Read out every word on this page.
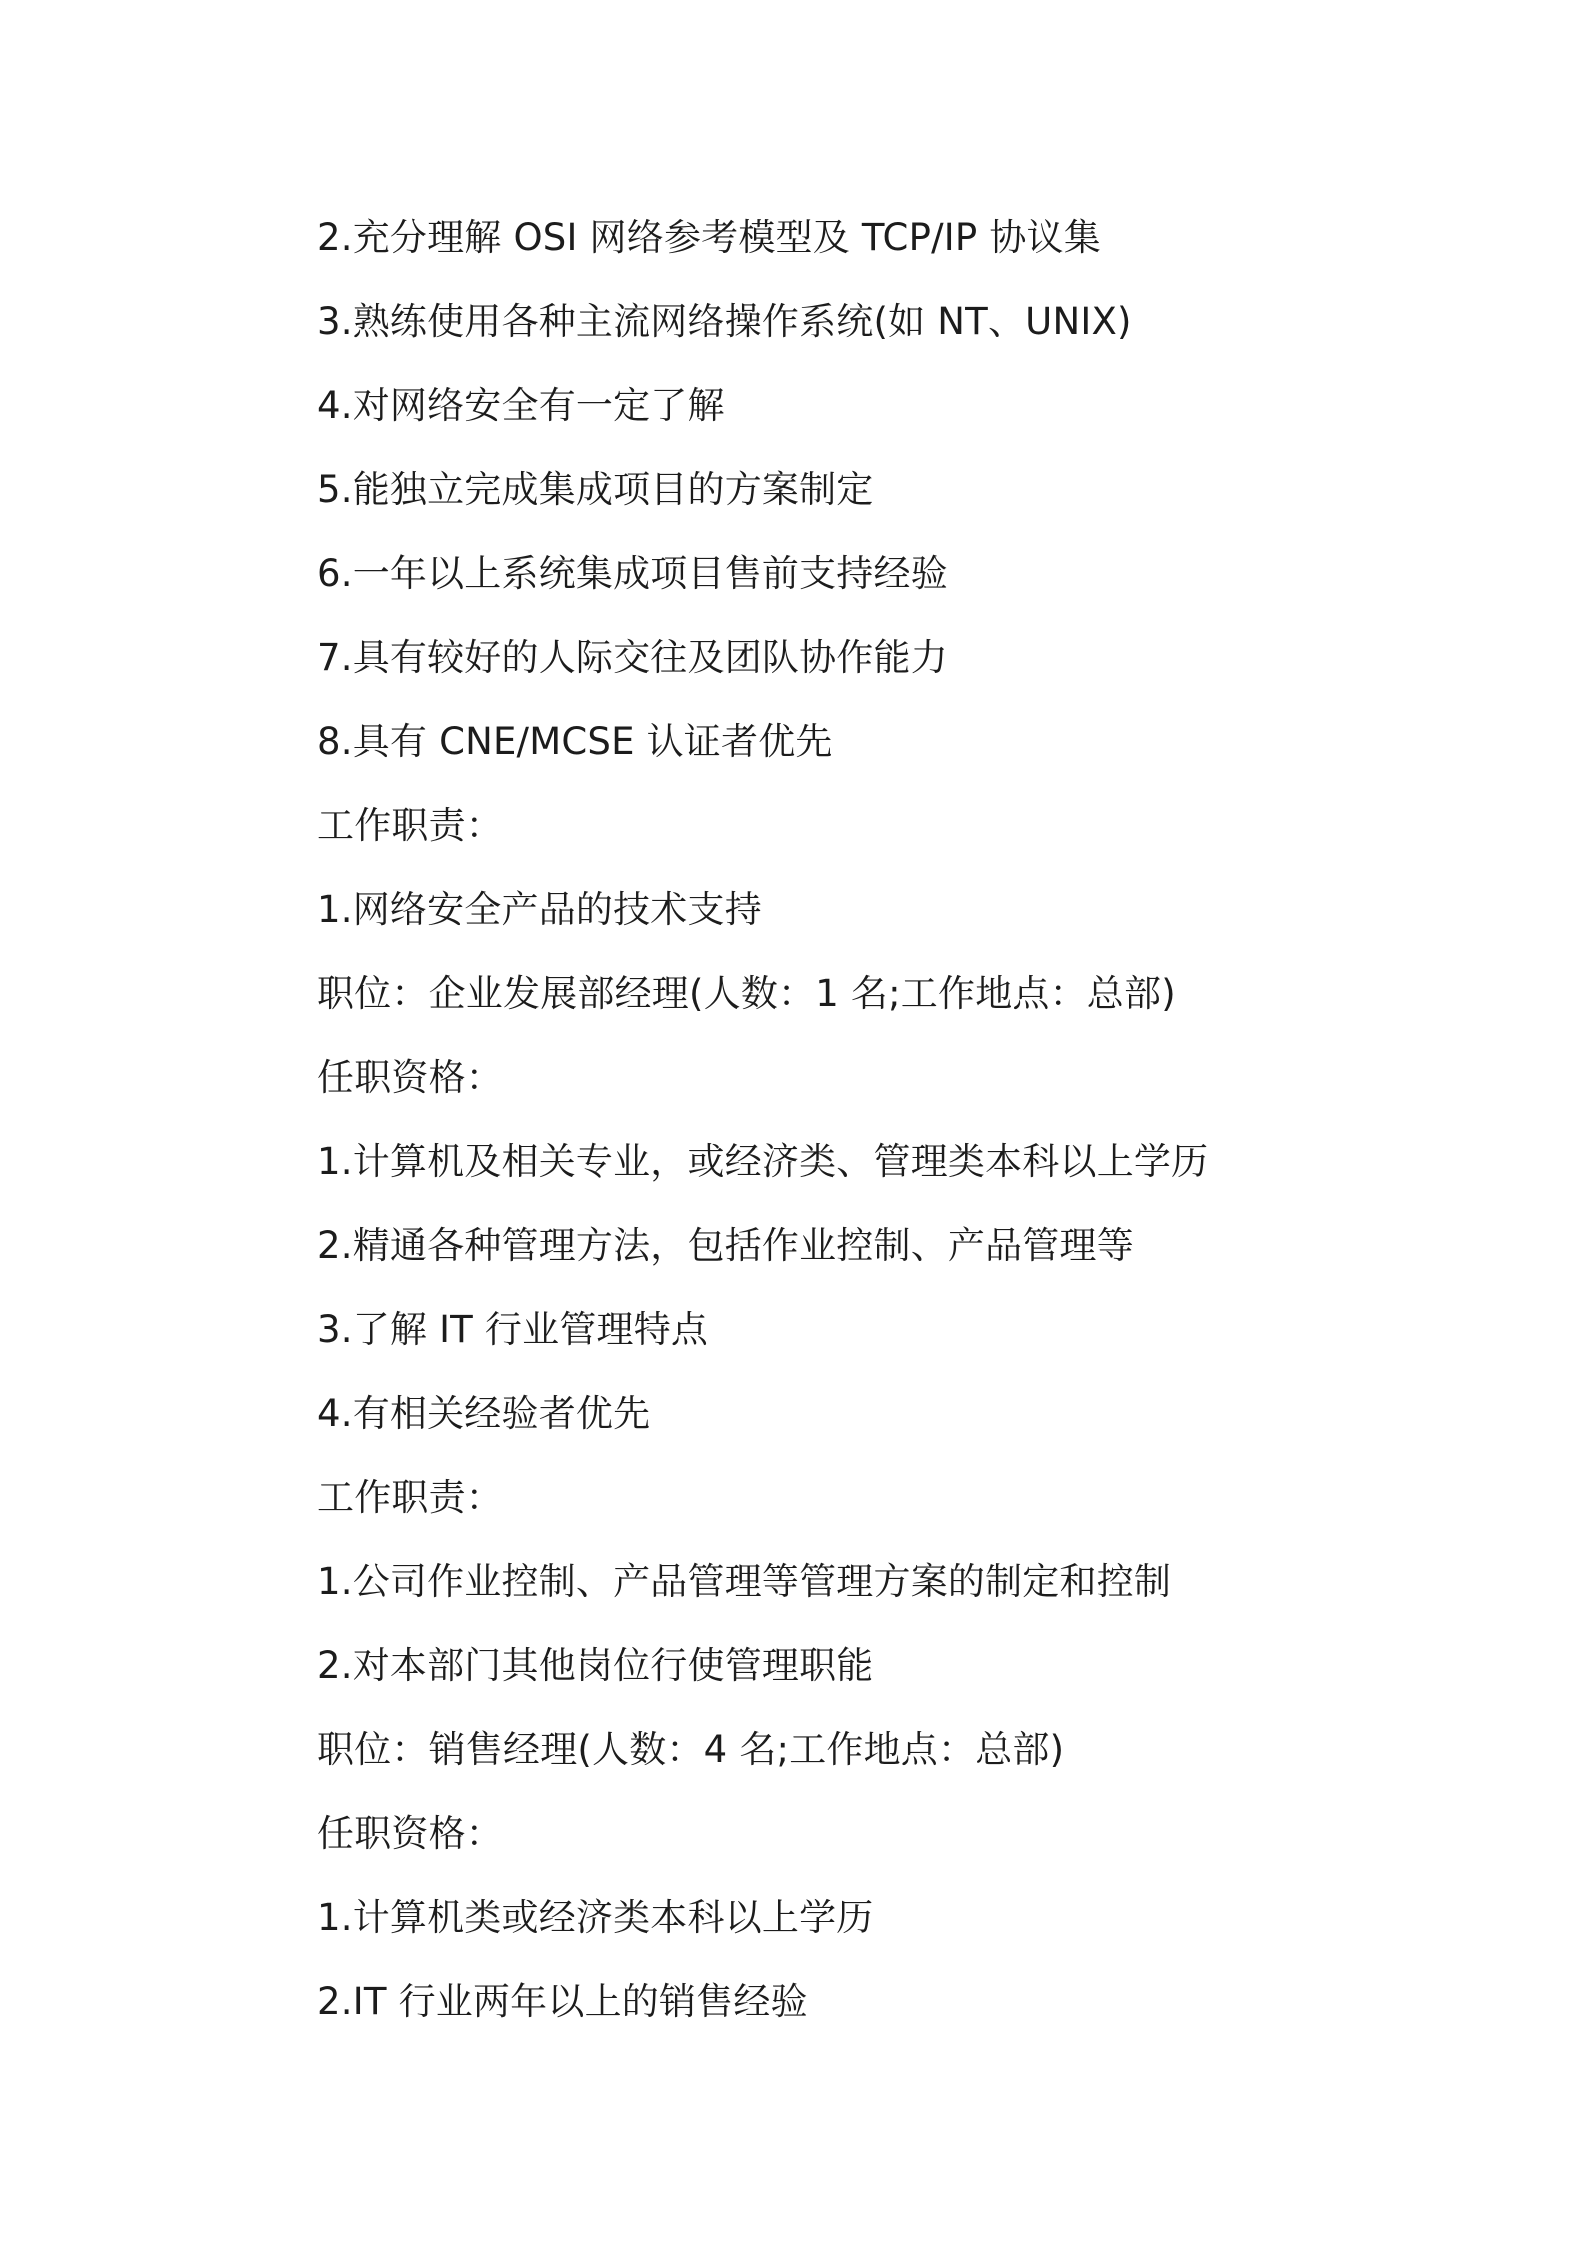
2.充分理解 OSI 网络参考模型及 TCP/IP 协议集
3.熟练使用各种主流网络操作系统(如 NT、UNIX)
4.对网络安全有一定了解
5.能独立完成集成项目的方案制定
6.一年以上系统集成项目售前支持经验
7.具有较好的人际交往及团队协作能力
8.具有 CNE/MCSE 认证者优先
工作职责：
1.网络安全产品的技术支持
职位：企业发展部经理(人数：1 名;工作地点：总部)
任职资格：
1.计算机及相关专业，或经济类、管理类本科以上学历
2.精通各种管理方法，包括作业控制、产品管理等
3.了解 IT 行业管理特点
4.有相关经验者优先
工作职责：
1.公司作业控制、产品管理等管理方案的制定和控制
2.对本部门其他岗位行使管理职能
职位：销售经理(人数：4 名;工作地点：总部)
任职资格：
1.计算机类或经济类本科以上学历
2.IT 行业两年以上的销售经验
